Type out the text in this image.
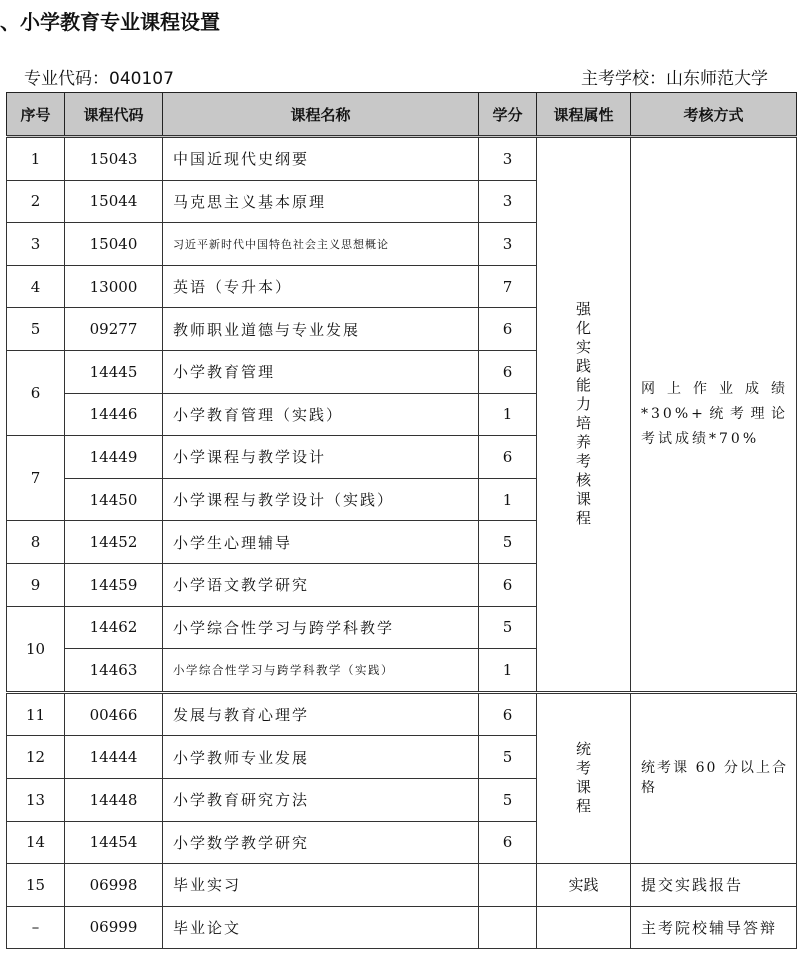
、小学教育专业课程设置
专业代码：040107	主考学校：山东师范大学
序号	课程代码	课程名称	学分	课程属性	考核方式
1	15043	中国近现代史纲要	3	强化实践能力培养考核课程	网上作业成绩*30%+统考理论考试成绩*70%
2	15044	马克思主义基本原理	3		
3	15040	习近平新时代中国特色社会主义思想概论	3		
4	13000	英语（专升本）	7		
5	09277	教师职业道德与专业发展	6		
6	14445	小学教育管理	6		
	14446	小学教育管理（实践）	1		
7	14449	小学课程与教学设计	6		
	14450	小学课程与教学设计（实践）	1		
8	14452	小学生心理辅导	5		
9	14459	小学语文教学研究	6		
10	14462	小学综合性学习与跨学科教学	5		
	14463	小学综合性学习与跨学科教学（实践）	1		
11	00466	发展与教育心理学	6	统考课程	统考课 60 分以上合格
12	14444	小学教师专业发展	5		
13	14448	小学教育研究方法	5		
14	14454	小学数学教学研究	6		
15	06998	毕业实习		实践	提交实践报告
–	06999	毕业论文			主考院校辅导答辩
